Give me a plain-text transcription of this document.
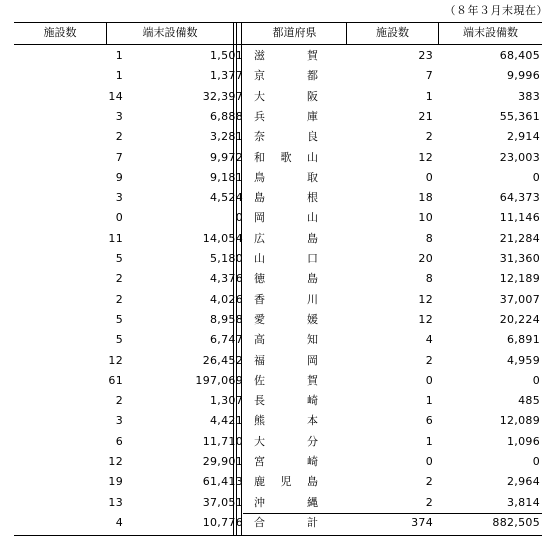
（８年３月末現在）
施設数	端末設備数	都道府県	施設数	端末設備数
1	1,501 滋賀	23	68,405
1	1,377 京都	7	9,996
14	32,397 大阪	1	383
3	6,888 兵庫	21	55,361
2	3,281 奈良	2	2,914
7	9,972 和歌山	12	23,003
9	9,181 鳥取	0	0
3	4,524 島根	18	64,373
0	0 岡山	10	11,146
11	14,054 広島	8	21,284
5	5,180 山口	20	31,360
2	4,376 徳島	8	12,189
2	4,026 香川	12	37,007
5	8,958 愛媛	12	20,224
5	6,747 高知	4	6,891
12	26,452 福岡	2	4,959
61	197,069 佐賀	0	0
2	1,307 長崎	1	485
3	4,421 熊本	6	12,089
6	11,710 大分	1	1,096
12	29,901 宮崎	0	0
19	61,413 鹿児島	2	2,964
13	37,051 沖縄	2	3,814
4	10,776 合計	374	882,505
